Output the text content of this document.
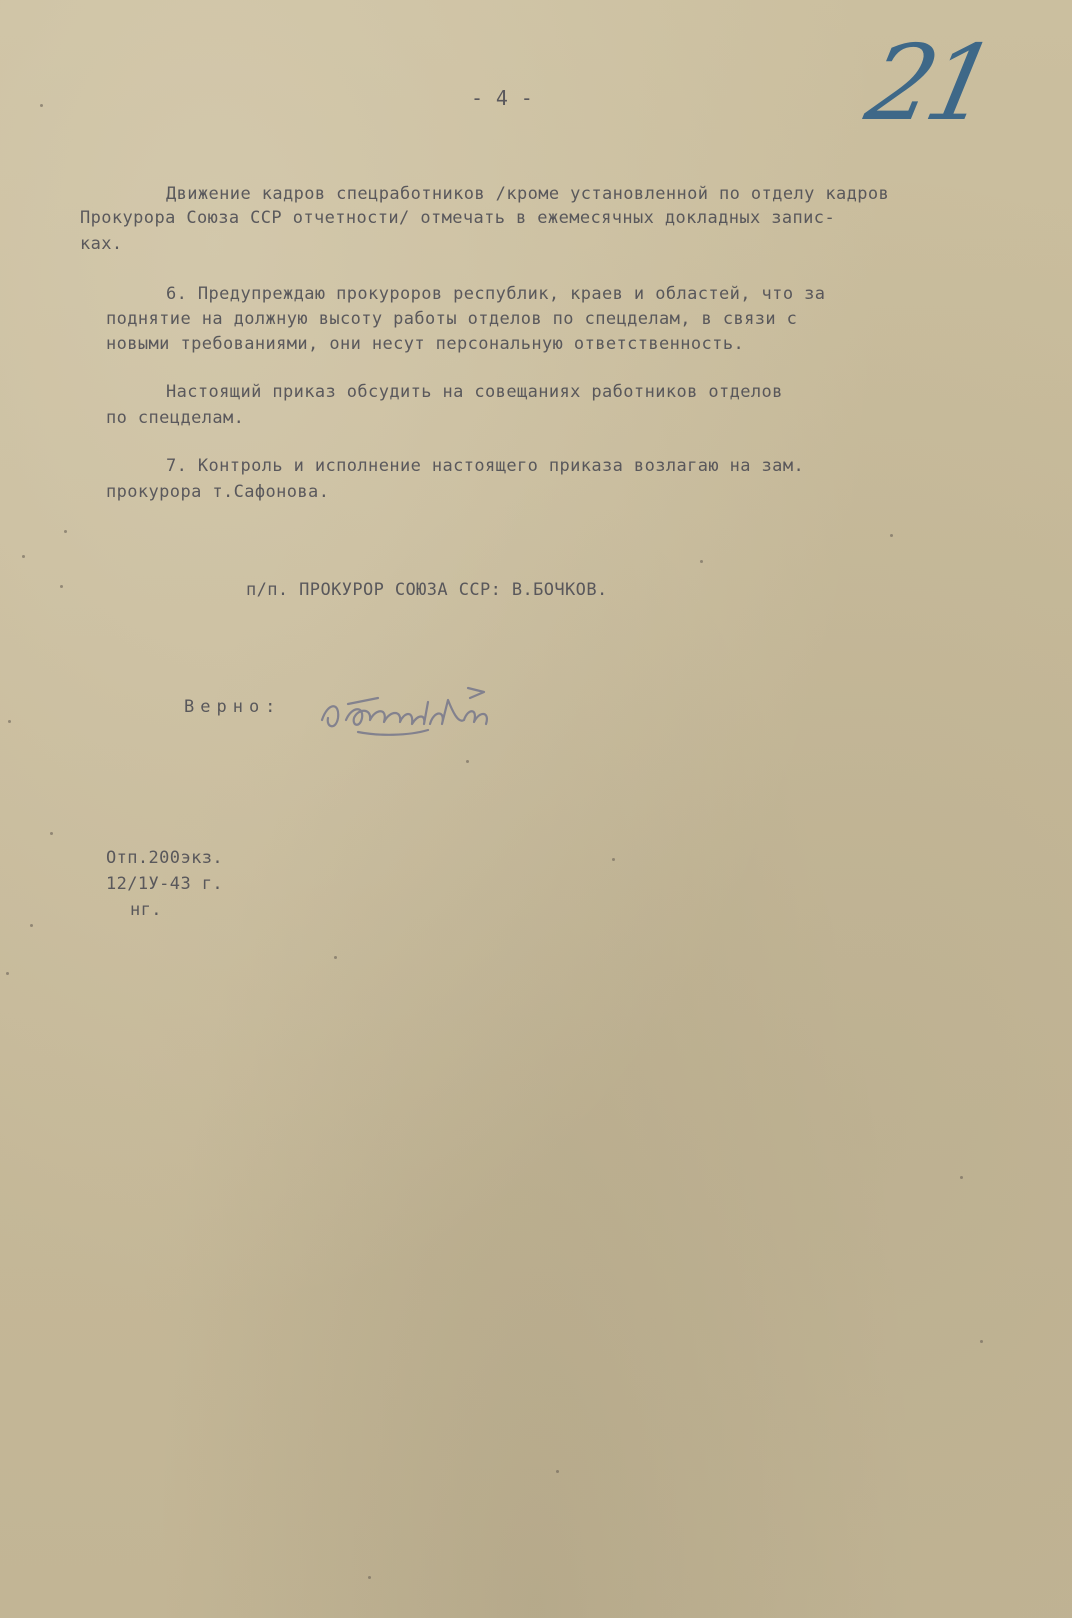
- 4 -	21
Движение кадров спецработников /кроме установленной по отделу кадров
Прокурора Союза ССР отчетности/ отмечать в ежемесячных докладных запис-
ках.
6. Предупреждаю прокуроров республик, краев и областей, что за
поднятие на должную высоту работы отделов по спецделам, в связи с
новыми требованиями, они несут персональную ответственность.
Настоящий приказ обсудить на совещаниях работников отделов
по спецделам.
7. Контроль и исполнение настоящего приказа возлагаю на зам.
прокурора т.Сафонова.
п/п. ПРОКУРОР СОЮЗА ССР: В.БОЧКОВ.
Верно:
Отп.200экз.
12/1У-43 г.
нг.
